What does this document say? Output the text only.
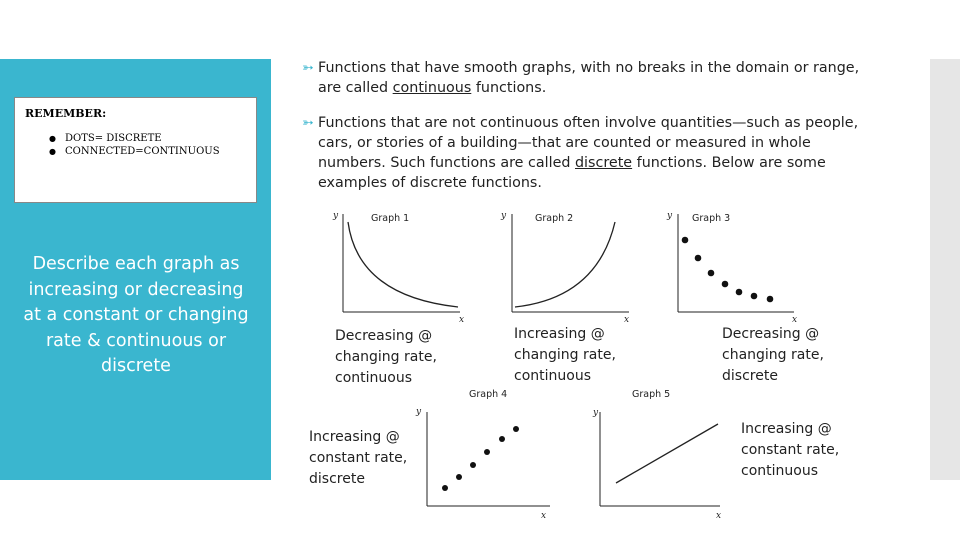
REMEMBER:
● DOTS= DISCRETE
● CONNECTED=CONTINUOUS
Describe each graph as increasing or decreasing at a constant or changing rate & continuous or discrete
➳ Functions that have smooth graphs, with no breaks in the domain or range, are called continuous functions.
➳ Functions that are not continuous often involve quantities—such as people, cars, or stories of a building—that are counted or measured in whole numbers. Such functions are called discrete functions. Below are some examples of discrete functions.
y
x
Graph 1	y
x
Graph 2	y
x
Graph 3
y
x
Graph 4
y
x
Graph 5
Decreasing @ changing rate, continuous
Increasing @ changing rate, continuous
Decreasing @ changing rate, discrete
Increasing @ constant rate, discrete
Increasing @ constant rate, continuous
